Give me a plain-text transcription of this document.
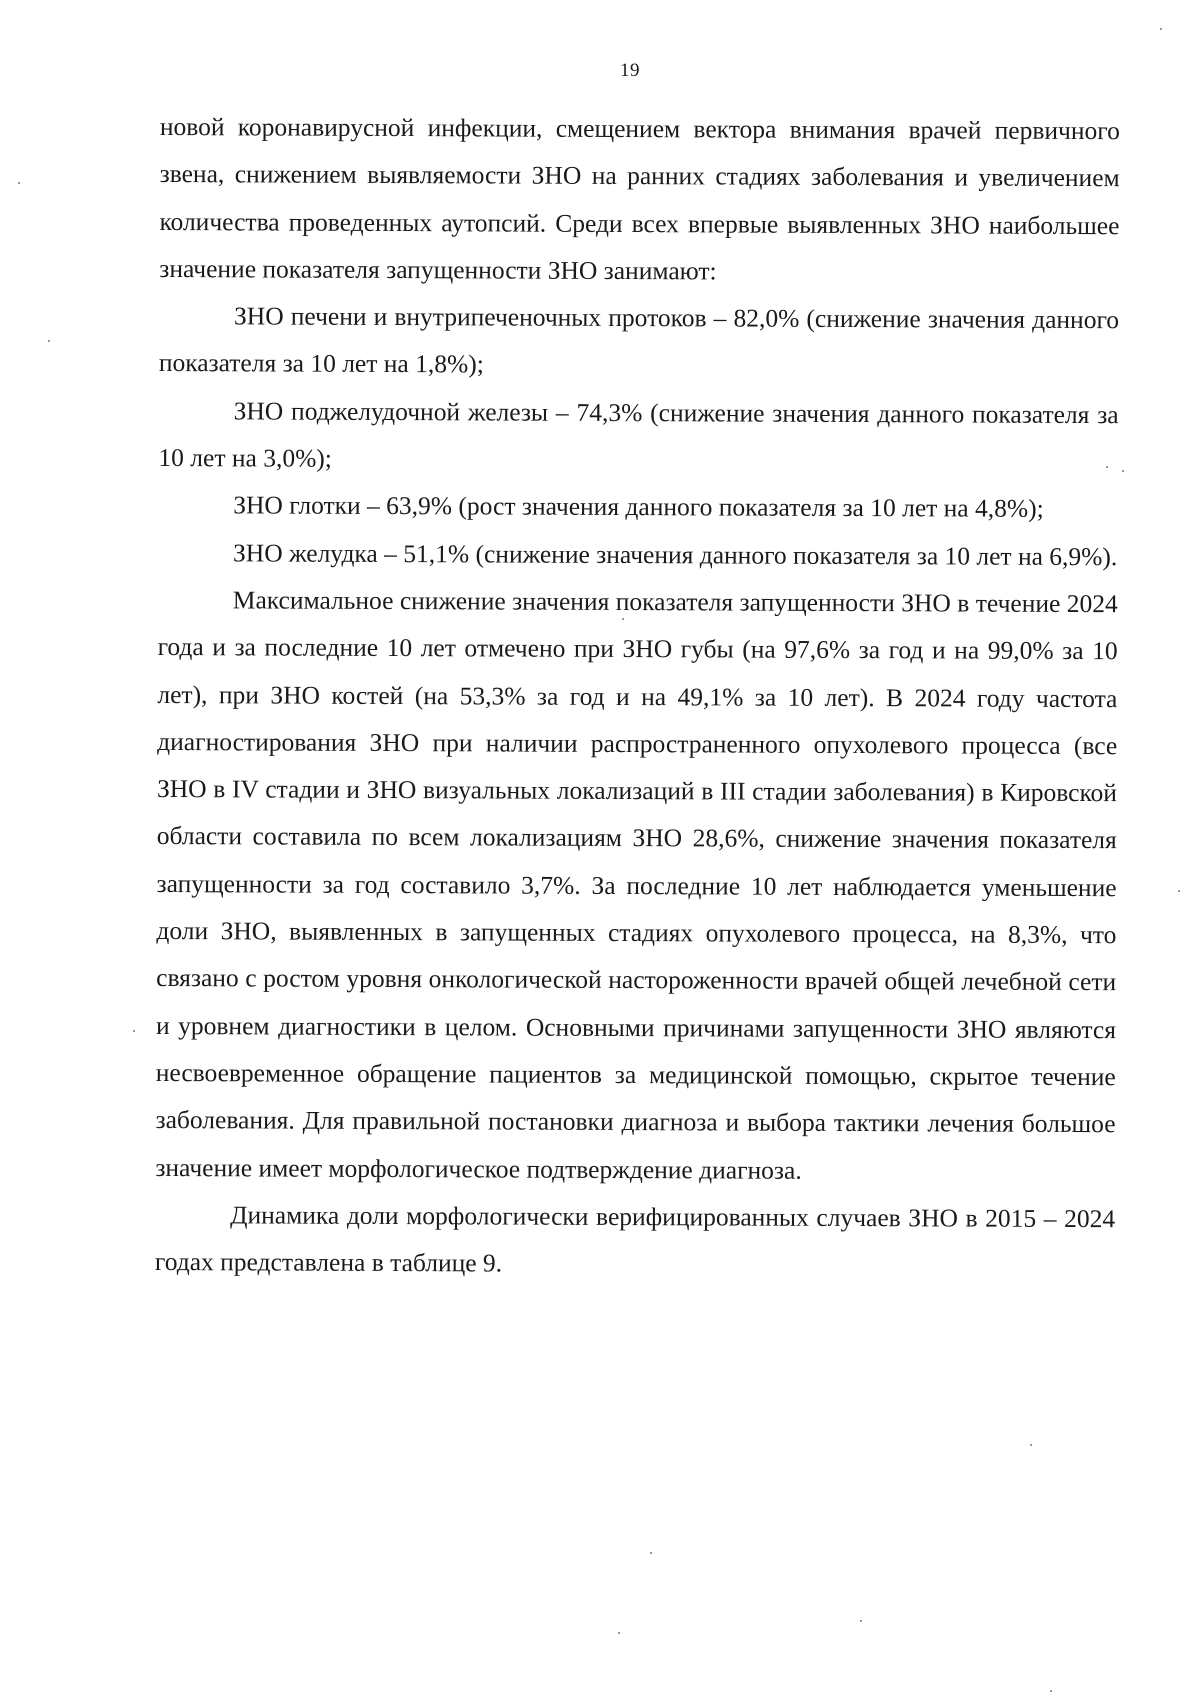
19

новой коронавирусной инфекции, смещением вектора внимания врачей первичного звена, снижением выявляемости ЗНО на ранних стадиях заболевания и увеличением количества проведенных аутопсий. Среди всех впервые выявленных ЗНО наибольшее значение показателя запущенности ЗНО занимают:

ЗНО печени и внутрипеченочных протоков – 82,0% (снижение значения данного показателя за 10 лет на 1,8%);

ЗНО поджелудочной железы – 74,3% (снижение значения данного показателя за 10 лет на 3,0%);

ЗНО глотки – 63,9% (рост значения данного показателя за 10 лет на 4,8%);

ЗНО желудка – 51,1% (снижение значения данного показателя за 10 лет на 6,9%).

Максимальное снижение значения показателя запущенности ЗНО в течение 2024 года и за последние 10 лет отмечено при ЗНО губы (на 97,6% за год и на 99,0% за 10 лет), при ЗНО костей (на 53,3% за год и на 49,1% за 10 лет). В 2024 году частота диагностирования ЗНО при наличии распространенного опухолевого процесса (все ЗНО в IV стадии и ЗНО визуальных локализаций в III стадии заболевания) в Кировской области составила по всем локализациям ЗНО 28,6%, снижение значения показателя запущенности за год составило 3,7%. За последние 10 лет наблюдается уменьшение доли ЗНО, выявленных в запущенных стадиях опухолевого процесса, на 8,3%, что связано с ростом уровня онкологической настороженности врачей общей лечебной сети и уровнем диагностики в целом. Основными причинами запущенности ЗНО являются несвоевременное обращение пациентов за медицинской помощью, скрытое течение заболевания. Для правильной постановки диагноза и выбора тактики лечения большое значение имеет морфологическое подтверждение диагноза.

Динамика доли морфологически верифицированных случаев ЗНО в 2015 – 2024 годах представлена в таблице 9.
